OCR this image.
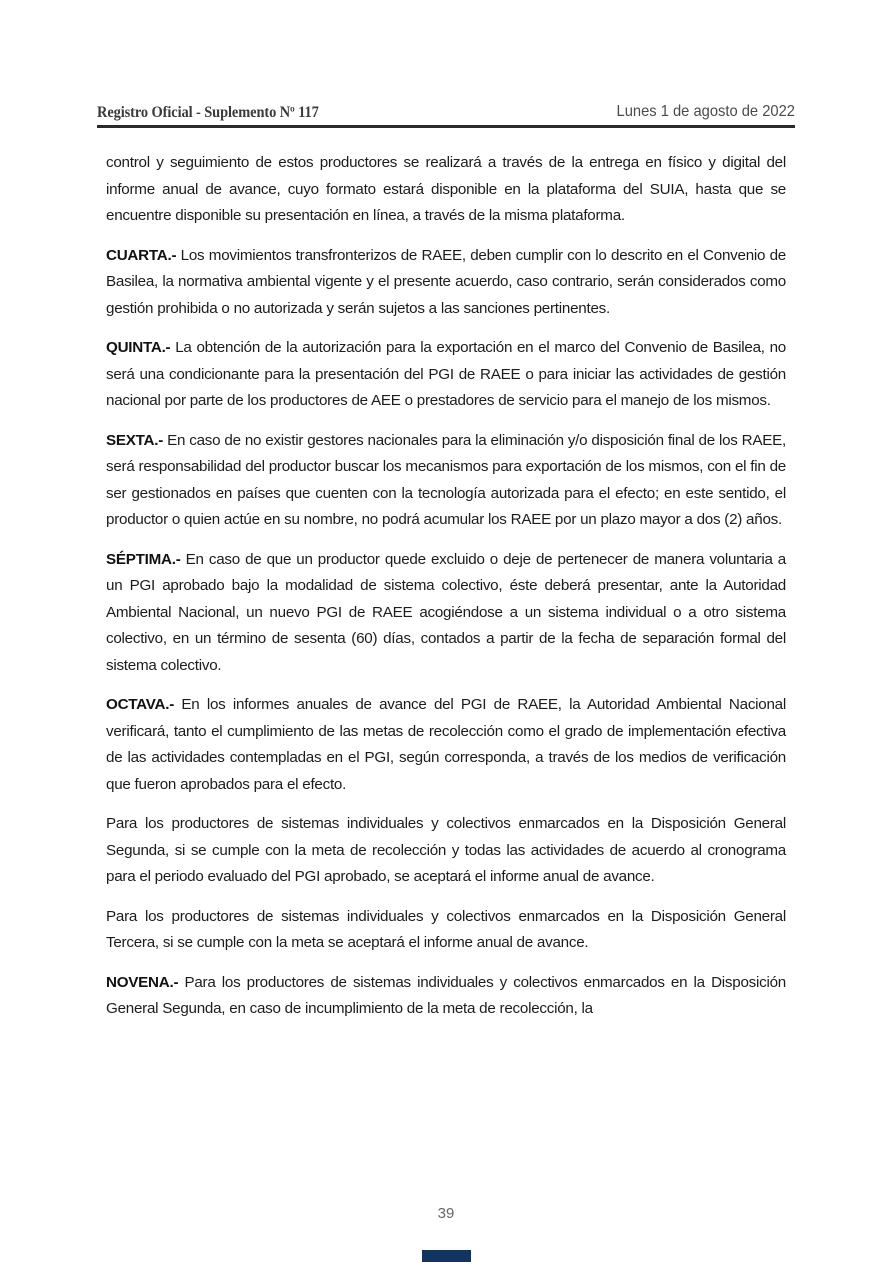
Registro Oficial - Suplemento Nº 117	Lunes 1 de agosto de 2022

control y seguimiento de estos productores se realizará a través de la entrega en físico y digital del informe anual de avance, cuyo formato estará disponible en la plataforma del SUIA, hasta que se encuentre disponible su presentación en línea, a través de la misma plataforma.

CUARTA.- Los movimientos transfronterizos de RAEE, deben cumplir con lo descrito en el Convenio de Basilea, la normativa ambiental vigente y el presente acuerdo, caso contrario, serán considerados como gestión prohibida o no autorizada y serán sujetos a las sanciones pertinentes.

QUINTA.- La obtención de la autorización para la exportación en el marco del Convenio de Basilea, no será una condicionante para la presentación del PGI de RAEE o para iniciar las actividades de gestión nacional por parte de los productores de AEE o prestadores de servicio para el manejo de los mismos.

SEXTA.- En caso de no existir gestores nacionales para la eliminación y/o disposición final de los RAEE, será responsabilidad del productor buscar los mecanismos para exportación de los mismos, con el fin de ser gestionados en países que cuenten con la tecnología autorizada para el efecto; en este sentido, el productor o quien actúe en su nombre, no podrá acumular los RAEE por un plazo mayor a dos (2) años.

SÉPTIMA.- En caso de que un productor quede excluido o deje de pertenecer de manera voluntaria a un PGI aprobado bajo la modalidad de sistema colectivo, éste deberá presentar, ante la Autoridad Ambiental Nacional, un nuevo PGI de RAEE acogiéndose a un sistema individual o a otro sistema colectivo, en un término de sesenta (60) días, contados a partir de la fecha de separación formal del sistema colectivo.

OCTAVA.- En los informes anuales de avance del PGI de RAEE, la Autoridad Ambiental Nacional verificará, tanto el cumplimiento de las metas de recolección como el grado de implementación efectiva de las actividades contempladas en el PGI, según corresponda, a través de los medios de verificación que fueron aprobados para el efecto.

Para los productores de sistemas individuales y colectivos enmarcados en la Disposición General Segunda, si se cumple con la meta de recolección y todas las actividades de acuerdo al cronograma para el periodo evaluado del PGI aprobado, se aceptará el informe anual de avance.

Para los productores de sistemas individuales y colectivos enmarcados en la Disposición General Tercera, si se cumple con la meta se aceptará el informe anual de avance.

NOVENA.- Para los productores de sistemas individuales y colectivos enmarcados en la Disposición General Segunda, en caso de incumplimiento de la meta de recolección, la

39
